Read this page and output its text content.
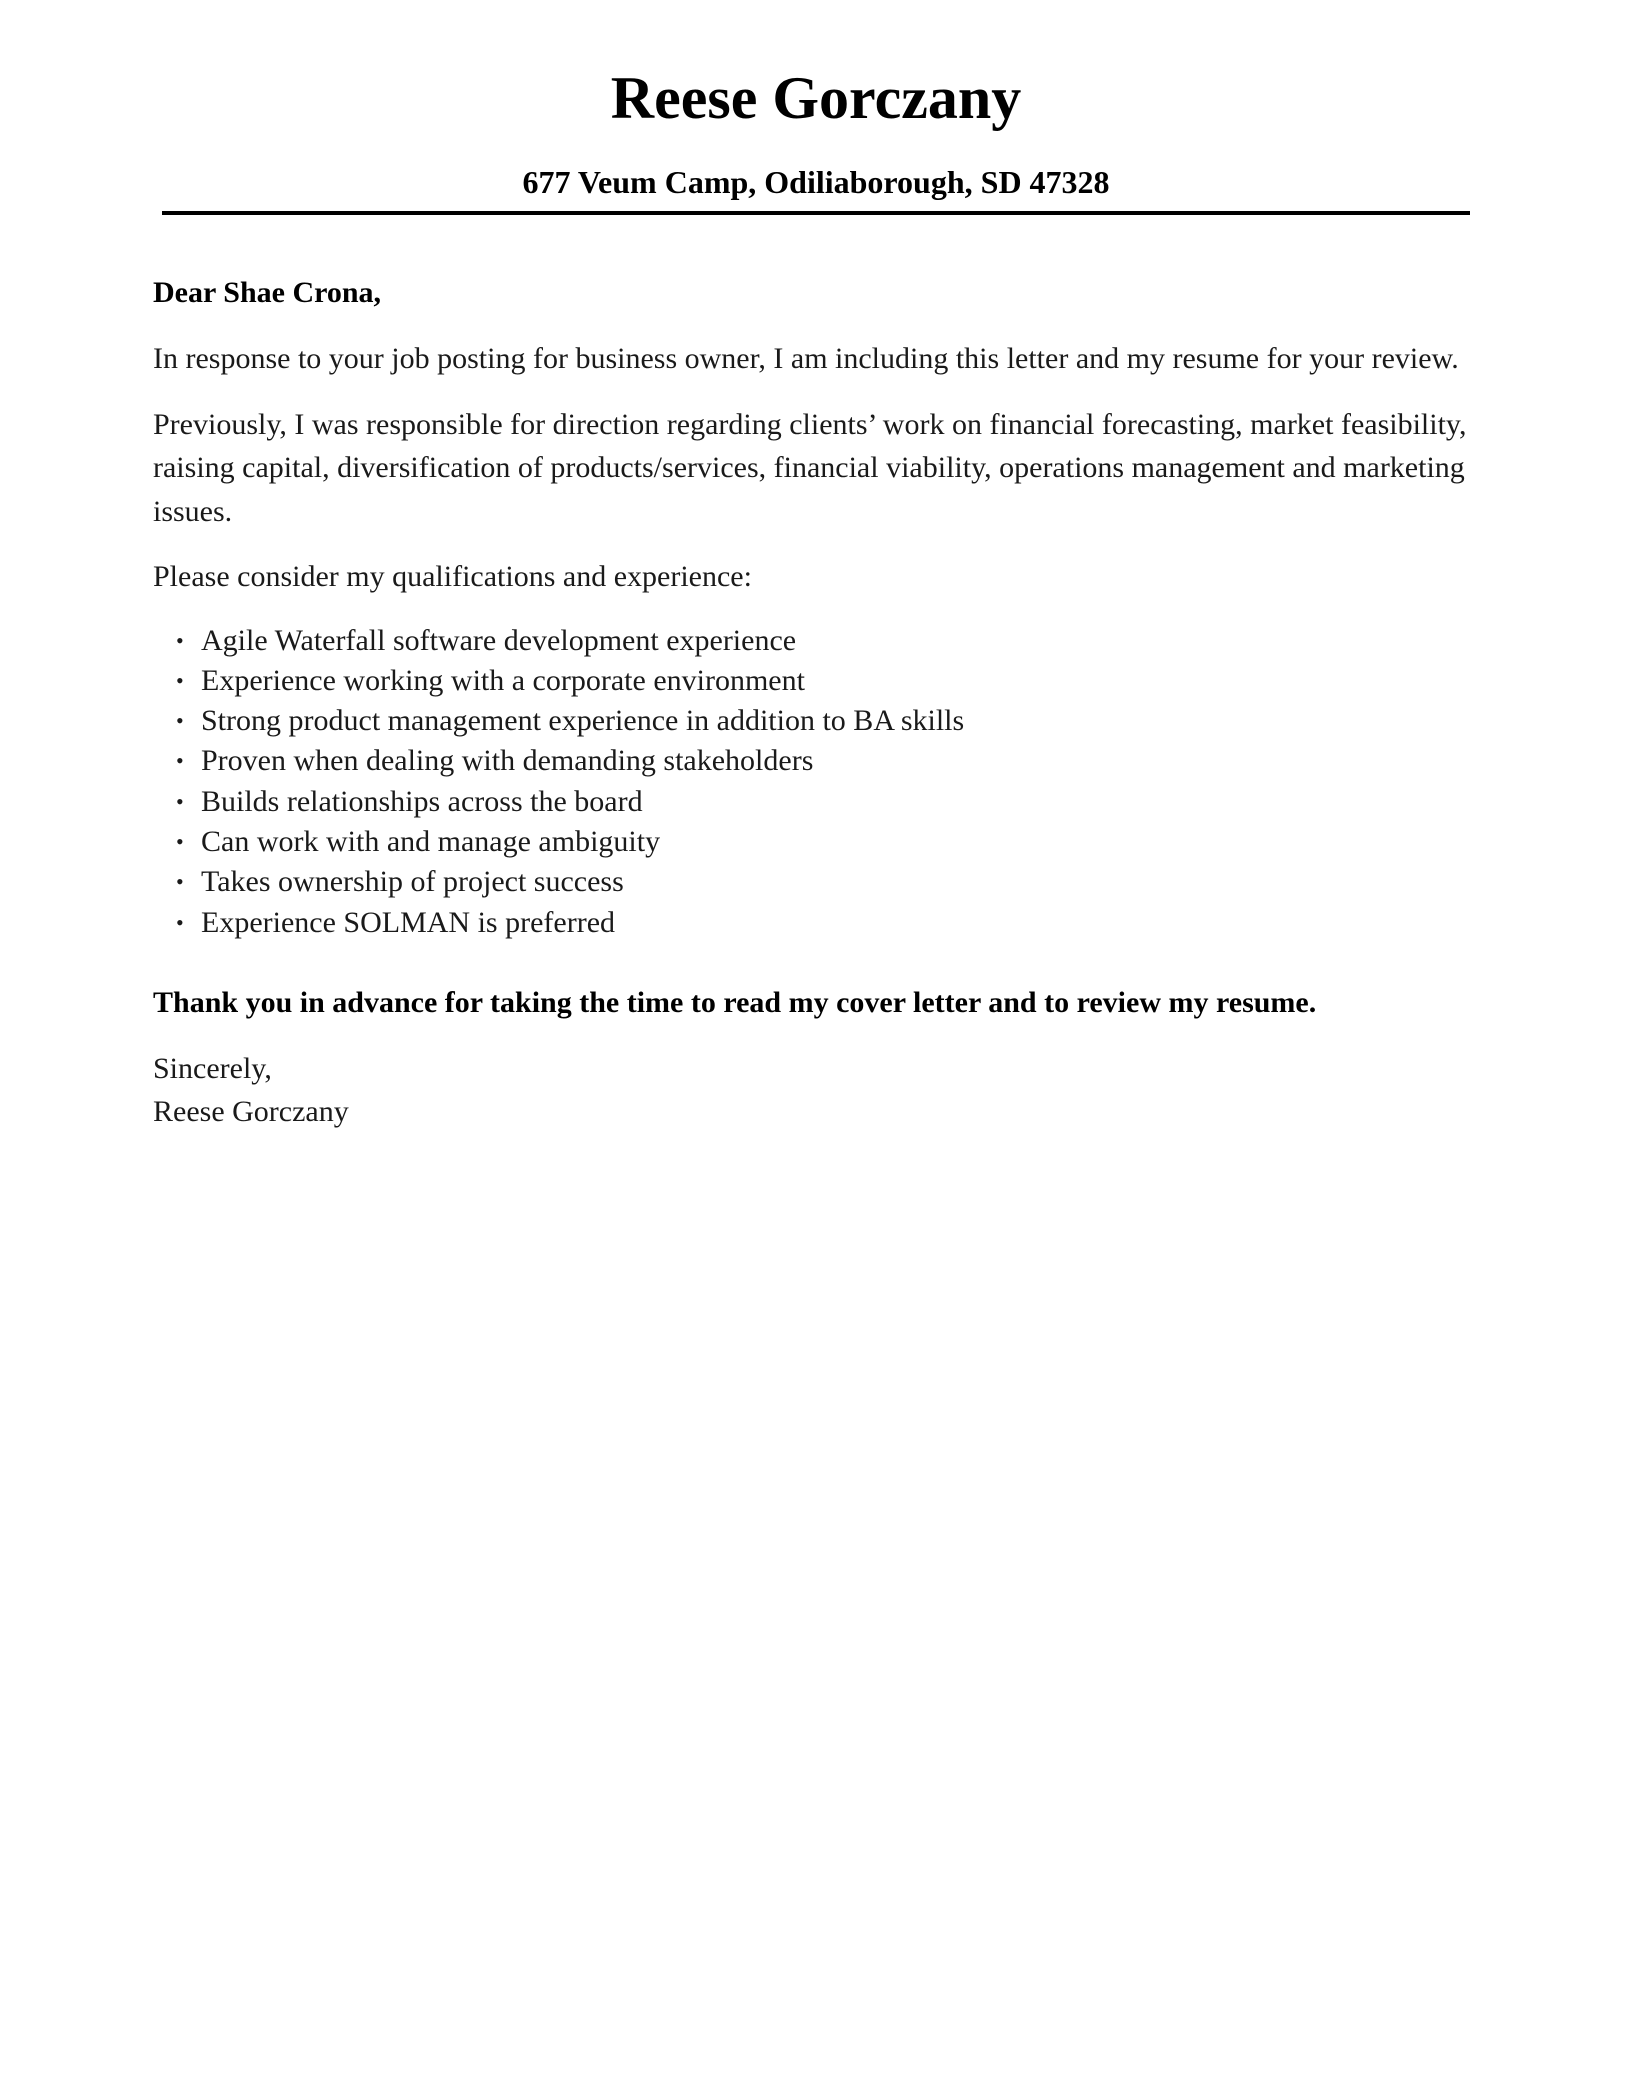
Reese Gorczany
677 Veum Camp, Odiliaborough, SD 47328

Dear Shae Crona,

In response to your job posting for business owner, I am including this letter and my resume for your review.

Previously, I was responsible for direction regarding clients’ work on financial forecasting, market feasibility, raising capital, diversification of products/services, financial viability, operations management and marketing issues.

Please consider my qualifications and experience:

• Agile Waterfall software development experience
• Experience working with a corporate environment
• Strong product management experience in addition to BA skills
• Proven when dealing with demanding stakeholders
• Builds relationships across the board
• Can work with and manage ambiguity
• Takes ownership of project success
• Experience SOLMAN is preferred

Thank you in advance for taking the time to read my cover letter and to review my resume.

Sincerely,

Reese Gorczany
